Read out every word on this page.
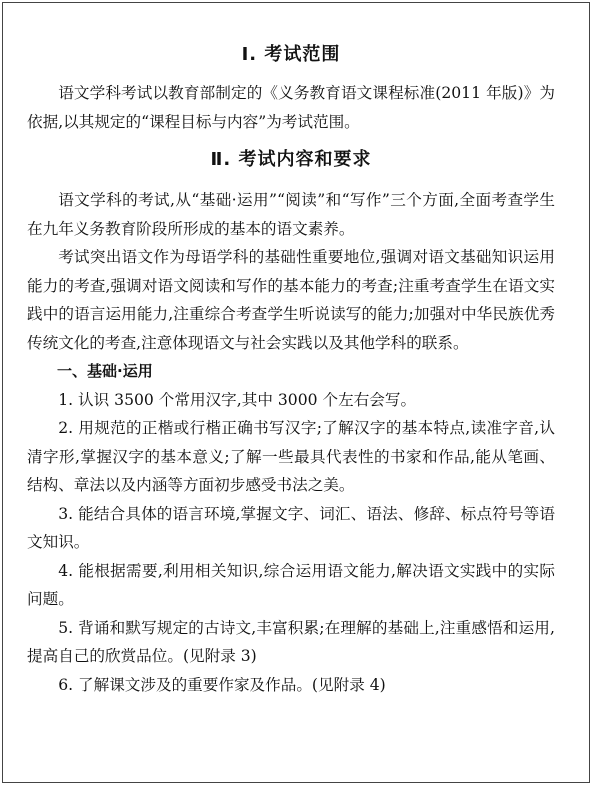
Ⅰ. 考试范围

语文学科考试以教育部制定的《义务教育语文课程标准(2011 年版)》为依据,以其规定的“课程目标与内容”为考试范围。

Ⅱ. 考试内容和要求

语文学科的考试,从“基础·运用”“阅读”和“写作”三个方面,全面考查学生在九年义务教育阶段所形成的基本的语文素养。

考试突出语文作为母语学科的基础性重要地位,强调对语文基础知识运用能力的考查,强调对语文阅读和写作的基本能力的考查;注重考查学生在语文实践中的语言运用能力,注重综合考查学生听说读写的能力;加强对中华民族优秀传统文化的考查,注意体现语文与社会实践以及其他学科的联系。

一、基础·运用

1. 认识 3500 个常用汉字,其中 3000 个左右会写。

2. 用规范的正楷或行楷正确书写汉字;了解汉字的基本特点,读准字音,认清字形,掌握汉字的基本意义;了解一些最具代表性的书家和作品,能从笔画、结构、章法以及内涵等方面初步感受书法之美。

3. 能结合具体的语言环境,掌握文字、词汇、语法、修辞、标点符号等语文知识。

4. 能根据需要,利用相关知识,综合运用语文能力,解决语文实践中的实际问题。

5. 背诵和默写规定的古诗文,丰富积累;在理解的基础上,注重感悟和运用,提高自己的欣赏品位。(见附录 3)

6. 了解课文涉及的重要作家及作品。(见附录 4)
